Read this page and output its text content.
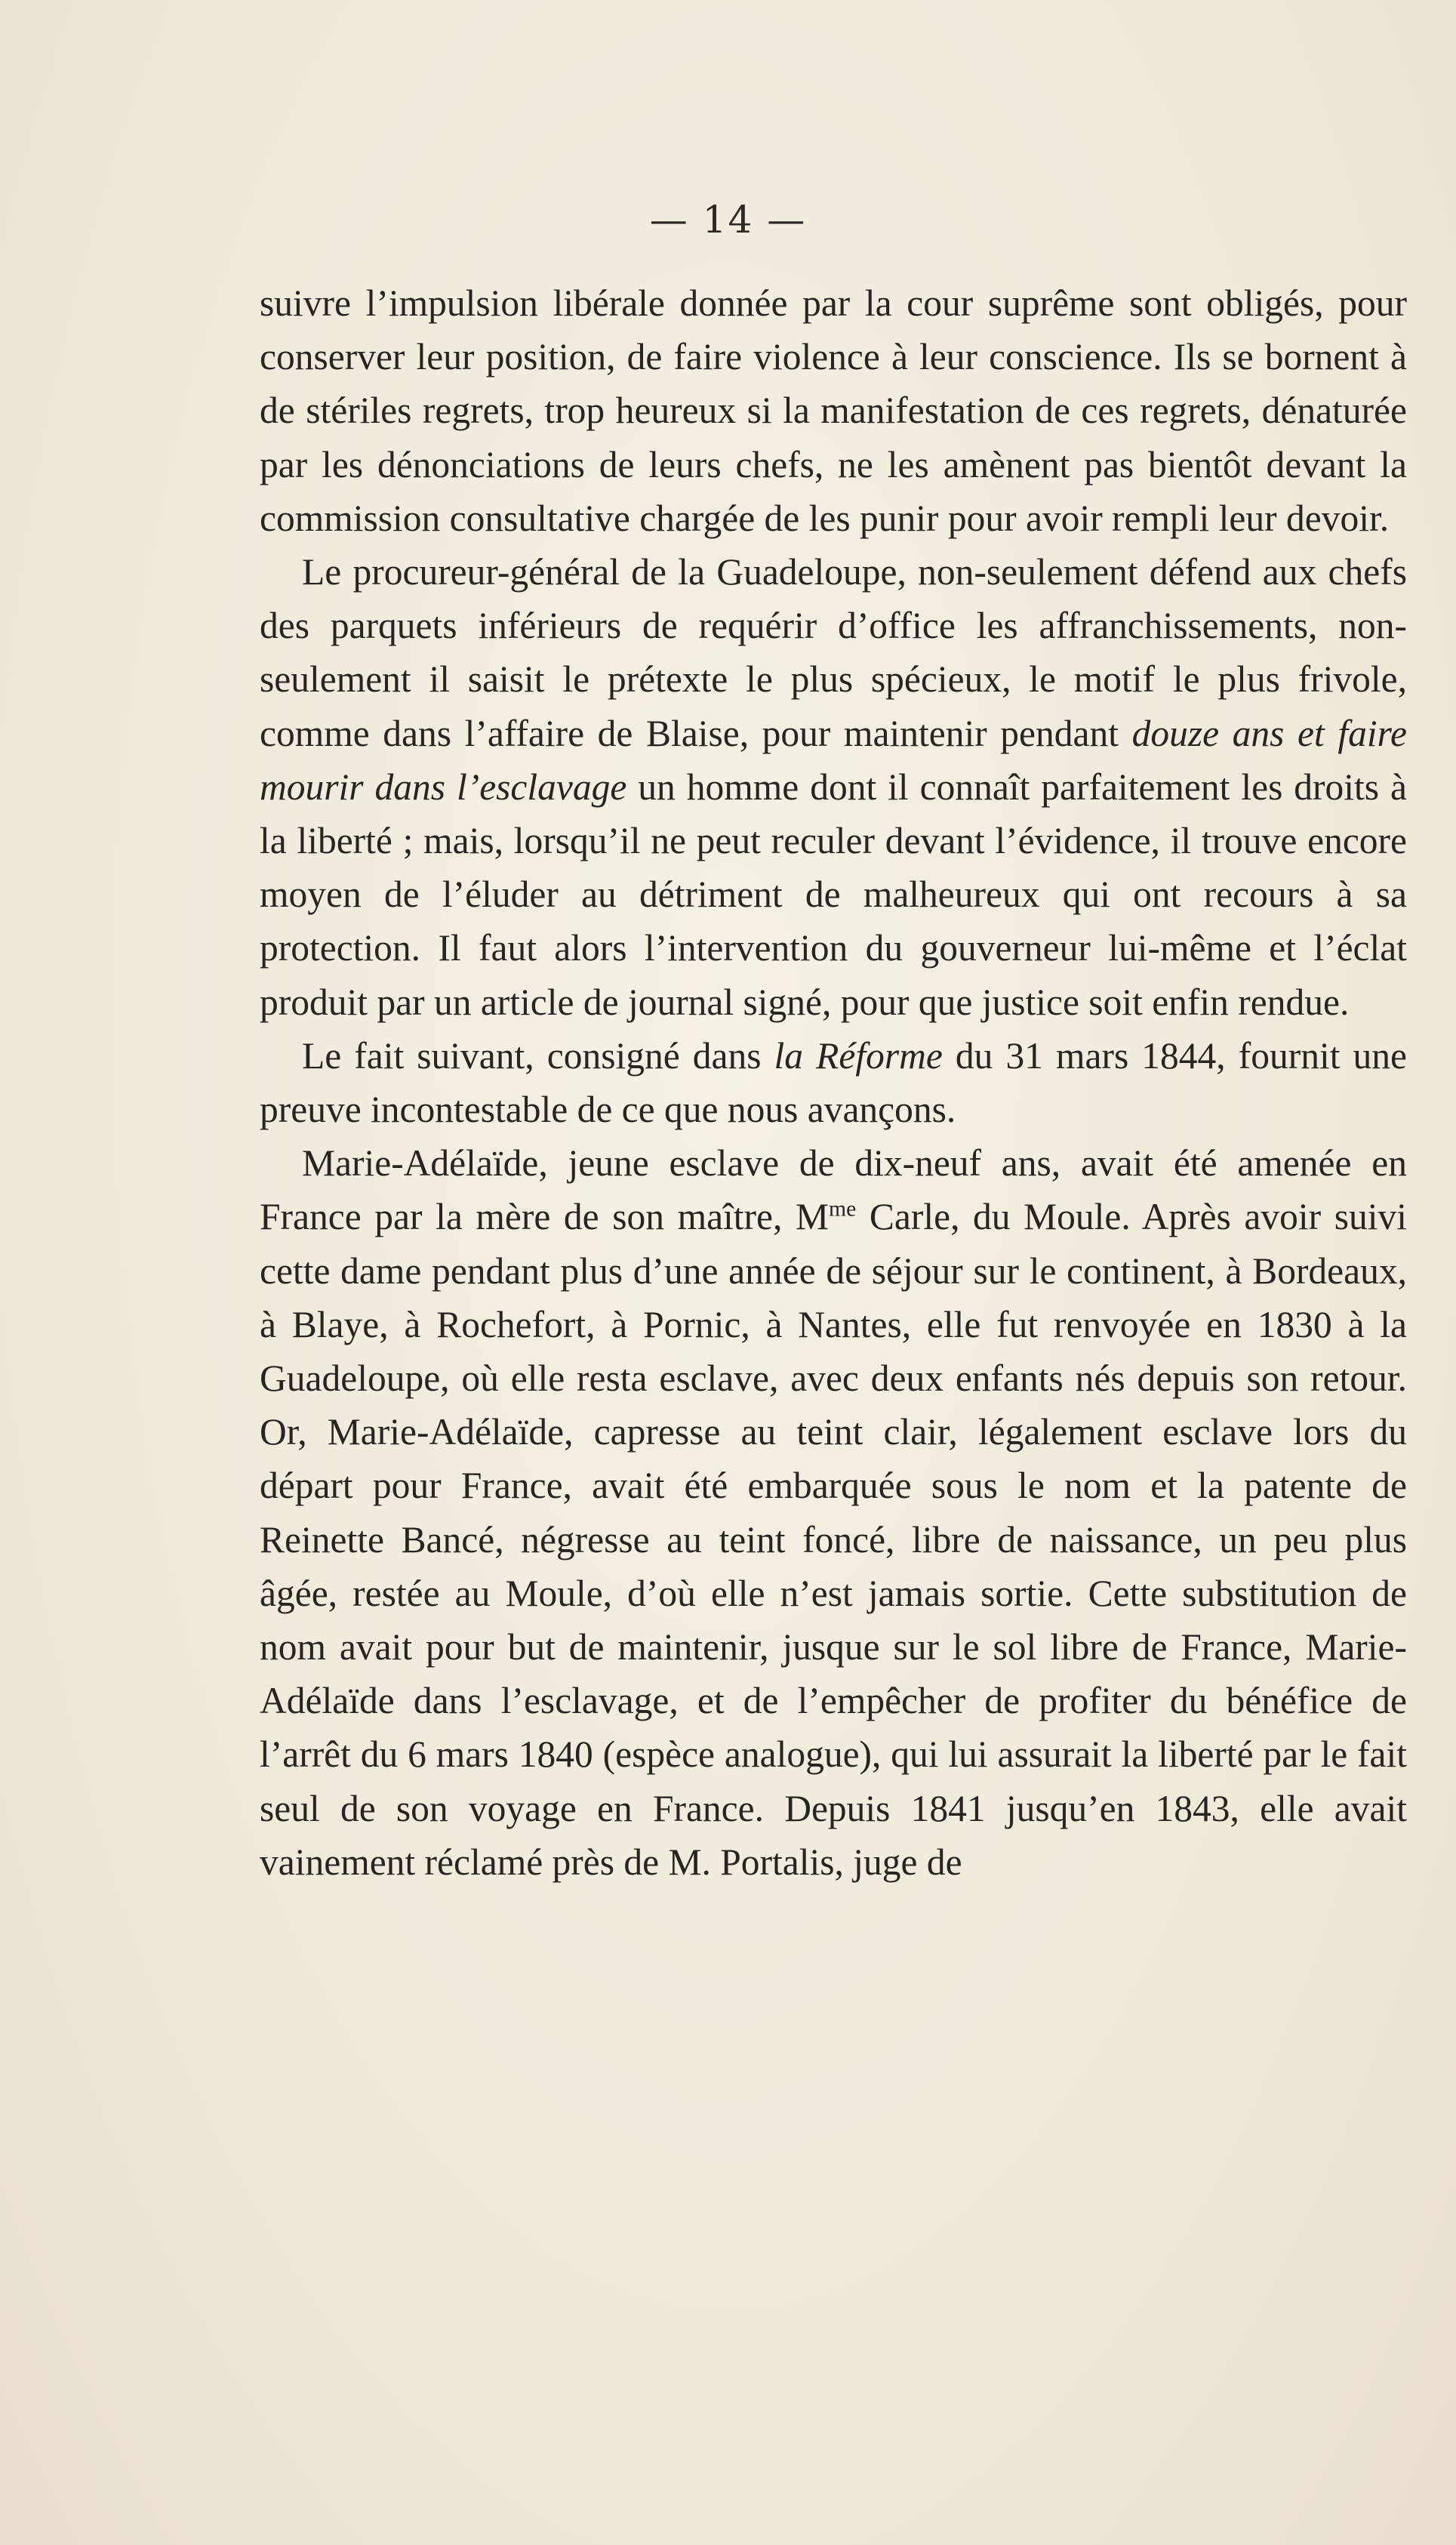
— 14 —

suivre l’impulsion libérale donnée par la cour suprême sont obligés, pour conserver leur position, de faire violence à leur conscience. Ils se bornent à de stériles regrets, trop heureux si la manifestation de ces regrets, dénaturée par les dénonciations de leurs chefs, ne les amènent pas bientôt devant la commission consultative chargée de les punir pour avoir rempli leur devoir.

Le procureur-général de la Guadeloupe, non-seulement défend aux chefs des parquets inférieurs de requérir d’office les affranchissements, non-seulement il saisit le prétexte le plus spécieux, le motif le plus frivole, comme dans l’affaire de Blaise, pour maintenir pendant douze ans et faire mourir dans l’esclavage un homme dont il connaît parfaitement les droits à la liberté ; mais, lorsqu’il ne peut reculer devant l’évidence, il trouve encore moyen de l’éluder au détriment de malheureux qui ont recours à sa protection. Il faut alors l’intervention du gouverneur lui-même et l’éclat produit par un article de journal signé, pour que justice soit enfin rendue.

Le fait suivant, consigné dans la Réforme du 31 mars 1844, fournit une preuve incontestable de ce que nous avançons.

Marie-Adélaïde, jeune esclave de dix-neuf ans, avait été amenée en France par la mère de son maître, $M^{me}$ Carle, du Moule. Après avoir suivi cette dame pendant plus d’une année de séjour sur le continent, à Bordeaux, à Blaye, à Rochefort, à Pornic, à Nantes, elle fut renvoyée en 1830 à la Guadeloupe, où elle resta esclave, avec deux enfants nés depuis son retour. Or, Marie-Adélaïde, capresse au teint clair, légalement esclave lors du départ pour France, avait été embarquée sous le nom et la patente de Reinette Bancé, négresse au teint foncé, libre de naissance, un peu plus âgée, restée au Moule, d’où elle n’est jamais sortie. Cette substitution de nom avait pour but de maintenir, jusque sur le sol libre de France, Marie-Adélaïde dans l’esclavage, et de l’empêcher de profiter du bénéfice de l’arrêt du 6 mars 1840 (espèce analogue), qui lui assurait la liberté par le fait seul de son voyage en France. Depuis 1841 jusqu’en 1843, elle avait vainement réclamé près de M. Portalis, juge de
